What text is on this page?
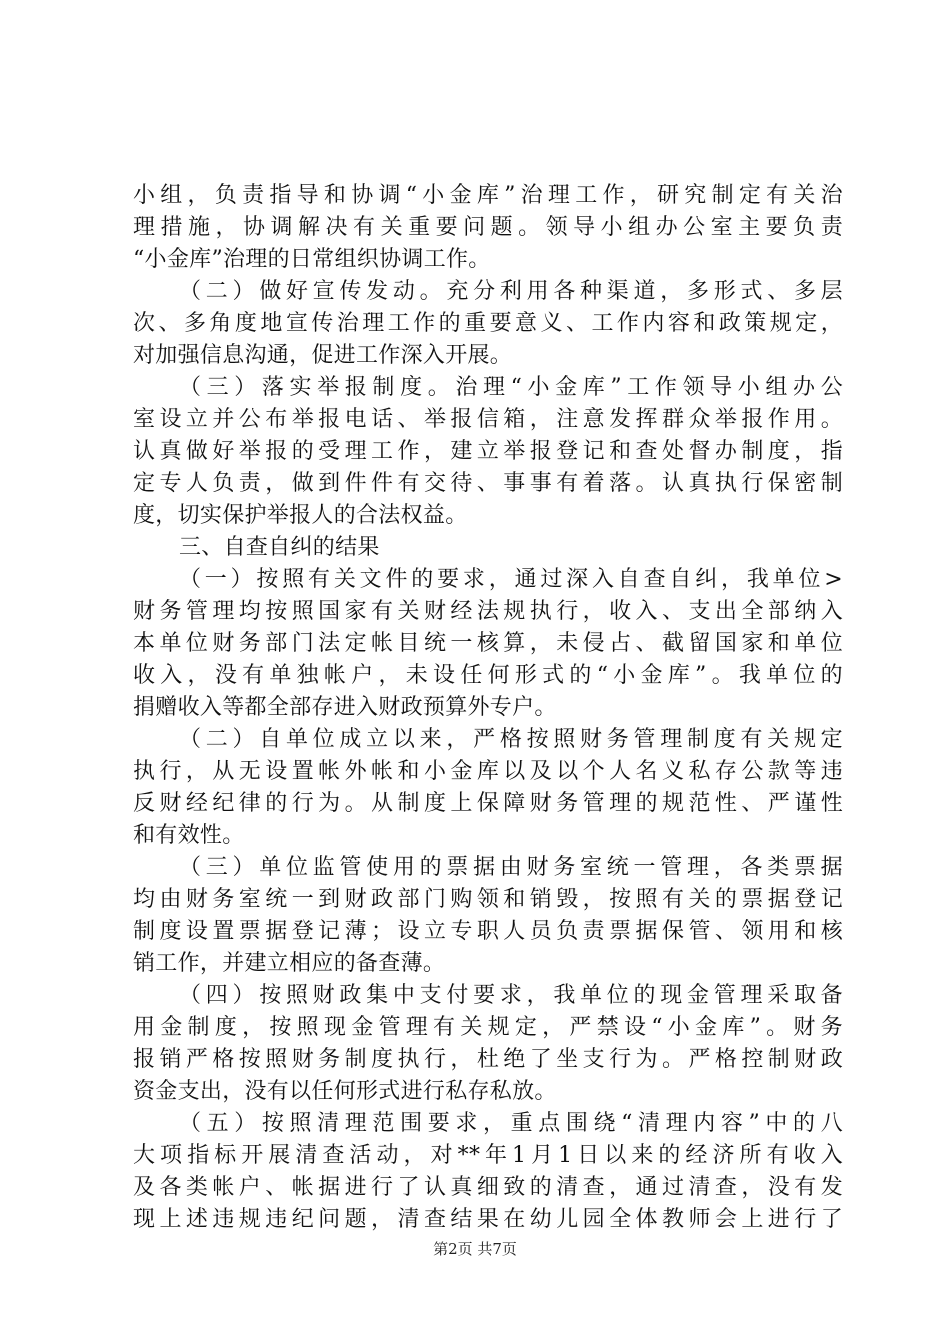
小组，负责指导和协调“小金库”治理工作，研究制定有关治
理措施，协调解决有关重要问题。领导小组办公室主要负责
“小金库”治理的日常组织协调工作。
（二）做好宣传发动。充分利用各种渠道，多形式、多层
次、多角度地宣传治理工作的重要意义、工作内容和政策规定，
对加强信息沟通，促进工作深入开展。
（三）落实举报制度。治理“小金库”工作领导小组办公
室设立并公布举报电话、举报信箱，注意发挥群众举报作用。
认真做好举报的受理工作，建立举报登记和查处督办制度，指
定专人负责，做到件件有交待、事事有着落。认真执行保密制
度，切实保护举报人的合法权益。
三、自查自纠的结果
（一）按照有关文件的要求，通过深入自查自纠，我单位>
财务管理均按照国家有关财经法规执行，收入、支出全部纳入
本单位财务部门法定帐目统一核算，未侵占、截留国家和单位
收入，没有单独帐户，未设任何形式的“小金库”。我单位的
捐赠收入等都全部存进入财政预算外专户。
（二）自单位成立以来，严格按照财务管理制度有关规定
执行，从无设置帐外帐和小金库以及以个人名义私存公款等违
反财经纪律的行为。从制度上保障财务管理的规范性、严谨性
和有效性。
（三）单位监管使用的票据由财务室统一管理，各类票据
均由财务室统一到财政部门购领和销毁，按照有关的票据登记
制度设置票据登记薄；设立专职人员负责票据保管、领用和核
销工作，并建立相应的备查薄。
（四）按照财政集中支付要求，我单位的现金管理采取备
用金制度，按照现金管理有关规定，严禁设“小金库”。财务
报销严格按照财务制度执行，杜绝了坐支行为。严格控制财政
资金支出，没有以任何形式进行私存私放。
（五）按照清理范围要求，重点围绕“清理内容”中的八
大项指标开展清查活动，对**年1月1日以来的经济所有收入
及各类帐户、帐据进行了认真细致的清查，通过清查，没有发
现上述违规违纪问题，清查结果在幼儿园全体教师会上进行了
第2页 共7页
